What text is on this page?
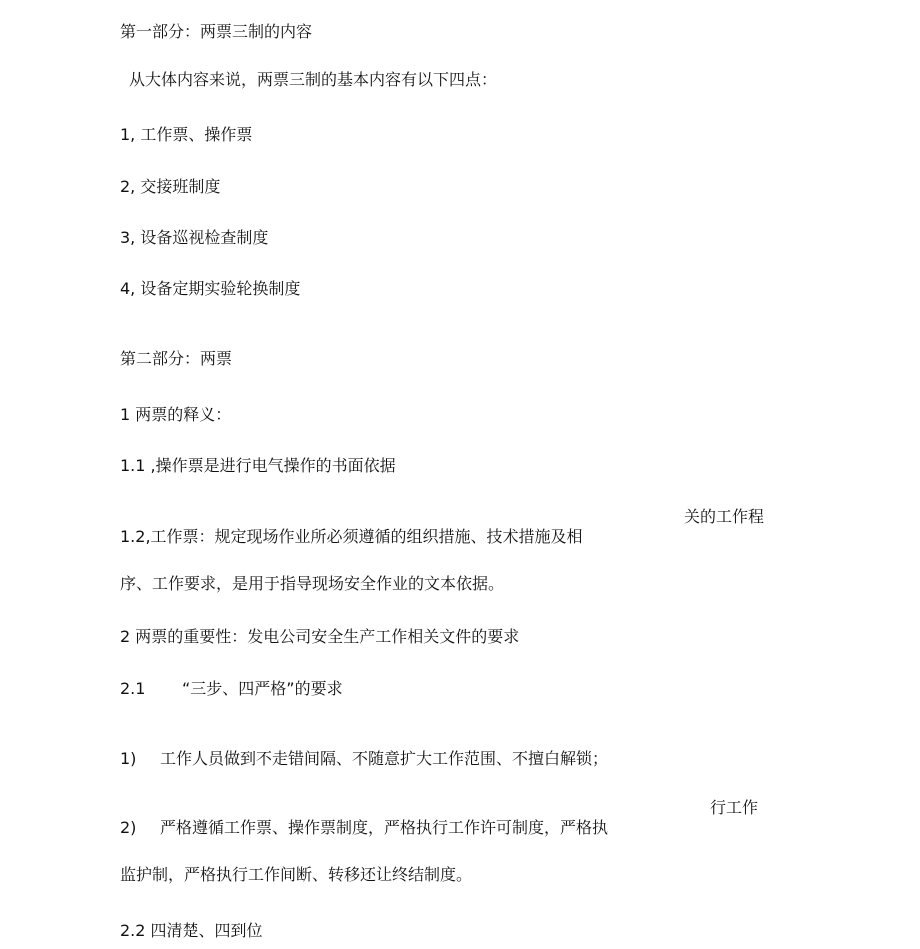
第一部分：两票三制的内容
从大体内容来说，两票三制的基本内容有以下四点：
1, 工作票、操作票
2, 交接班制度
3, 设备巡视检查制度
4, 设备定期实验轮换制度
第二部分：两票
1 两票的释义：
1.1 ,操作票是进行电气操作的书面依据
关的工作程
1.2,工作票：规定现场作业所必须遵循的组织措施、技术措施及相
序、工作要求，是用于指导现场安全作业的文本依据。
2 两票的重要性：发电公司安全生产工作相关文件的要求
2.1 “三步、四严格”的要求
1) 工作人员做到不走错间隔、不随意扩大工作范围、不擅白解锁；
行工作
2) 严格遵循工作票、操作票制度，严格执行工作许可制度，严格执
监护制，严格执行工作间断、转移还让终结制度。
2.2 四清楚、四到位
